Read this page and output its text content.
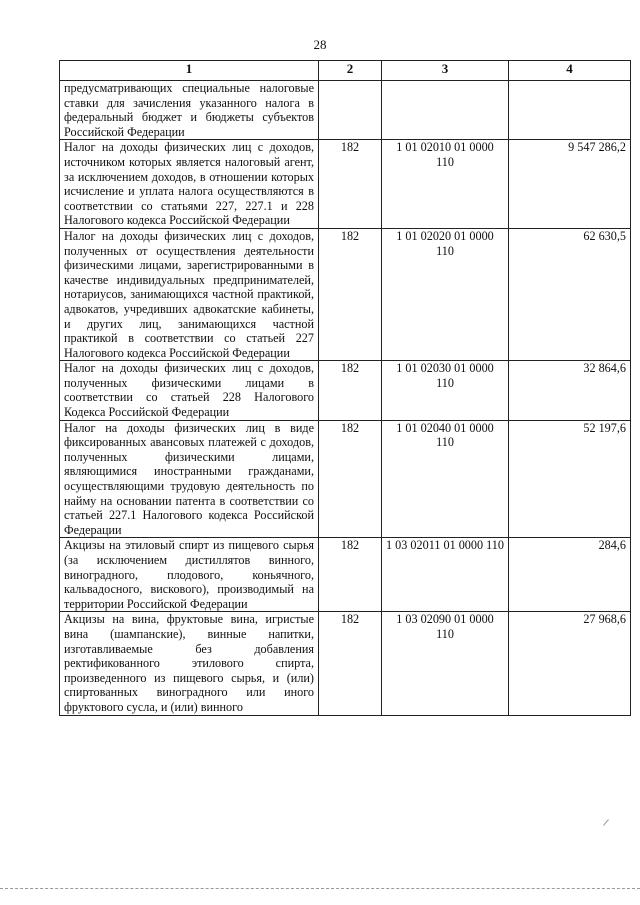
28
1	2	3	4
предусматривающих специальные налоговые ставки для зачисления указанного налога в федеральный бюджет и бюджеты субъектов Российской Федерации			
Налог на доходы физических лиц с доходов, источником которых является налоговый агент, за исключением доходов, в отношении которых исчисление и уплата налога осуществляются в соответствии со статьями 227, 227.1 и 228 Налогового кодекса Российской Федерации	182	1 01 02010 01 0000 110	9 547 286,2
Налог на доходы физических лиц с доходов, полученных от осуществления деятельности физическими лицами, зарегистрированными в качестве индивидуальных предпринимателей, нотариусов, занимающихся частной практикой, адвокатов, учредивших адвокатские кабинеты, и других лиц, занимающихся частной практикой в соответствии со статьей 227 Налогового кодекса Российской Федерации	182	1 01 02020 01 0000 110	62 630,5
Налог на доходы физических лиц с доходов, полученных физическими лицами в соответствии со статьей 228 Налогового Кодекса Российской Федерации	182	1 01 02030 01 0000 110	32 864,6
Налог на доходы физических лиц в виде фиксированных авансовых платежей с доходов, полученных физическими лицами, являющимися иностранными гражданами, осуществляющими трудовую деятельность по найму на основании патента в соответствии со статьей 227.1 Налогового кодекса Российской Федерации	182	1 01 02040 01 0000 110	52 197,6
Акцизы на этиловый спирт из пищевого сырья (за исключением дистиллятов винного, виноградного, плодового, коньячного, кальвадосного, вискового), производимый на территории Российской Федерации	182	1 03 02011 01 0000 110	284,6
Акцизы на вина, фруктовые вина, игристые вина (шампанские), винные напитки, изготавливаемые без добавления ректификованного этилового спирта, произведенного из пищевого сырья, и (или) спиртованных виноградного или иного фруктового сусла, и (или) винного	182	1 03 02090 01 0000 110	27 968,6
